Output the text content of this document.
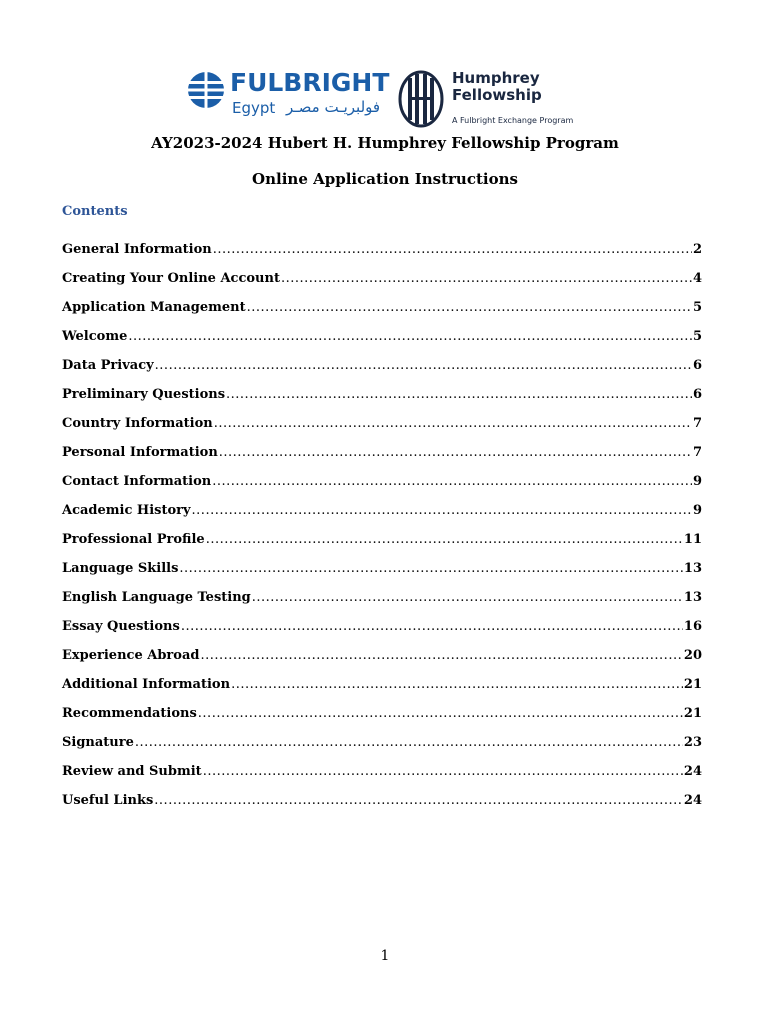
FULBRIGHT
Egypt فولبريـت مصـر
Humphrey
Fellowship
A Fulbright Exchange Program
AY2023-2024 Hubert H. Humphrey Fellowship Program
Online Application Instructions
Contents
General Information .....	2
Creating Your Online Account .....	4
Application Management .....	5
Welcome .....	5
Data Privacy .....	6
Preliminary Questions .....	6
Country Information .....	7
Personal Information .....	7
Contact Information .....	9
Academic History .....	9
Professional Profile .....	11
Language Skills .....	13
English Language Testing .....	13
Essay Questions .....	16
Experience Abroad .....	20
Additional Information .....	21
Recommendations .....	21
Signature .....	23
Review and Submit .....	24
Useful Links .....	24
1
